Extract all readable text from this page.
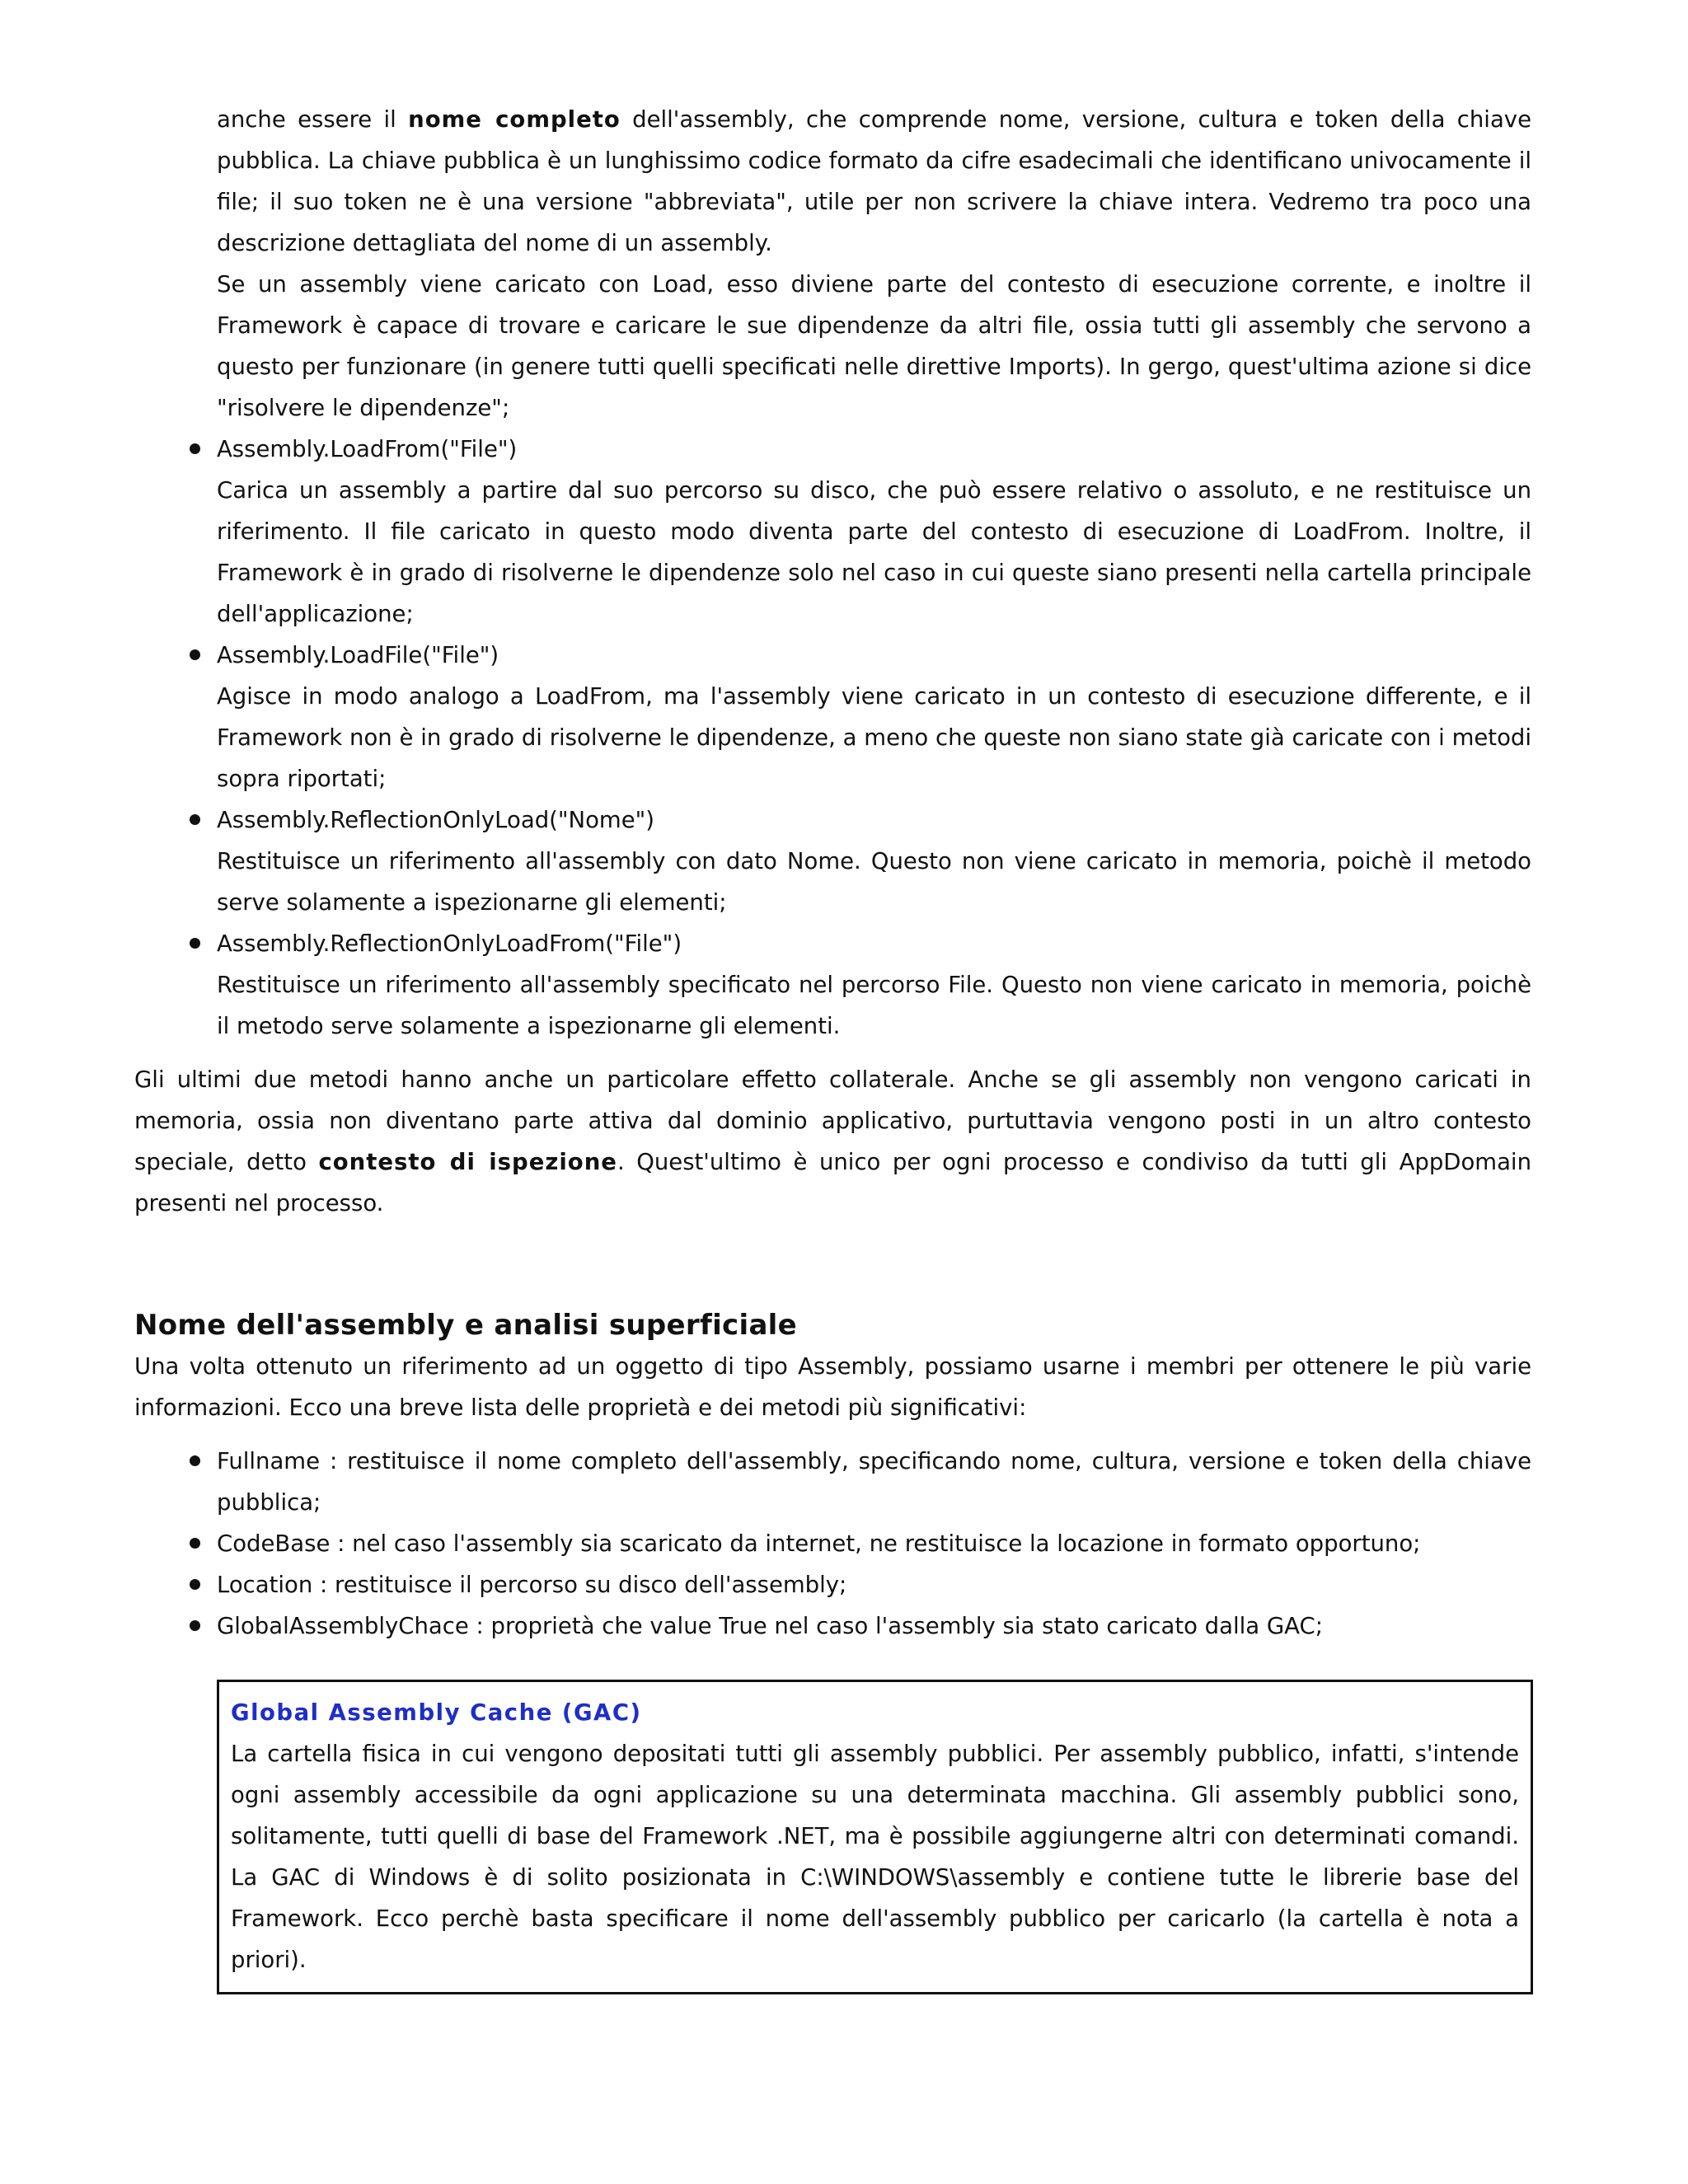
anche essere il nome completo dell'assembly, che comprende nome, versione, cultura e token della chiave pubblica. La chiave pubblica è un lunghissimo codice formato da cifre esadecimali che identificano univocamente il file; il suo token ne è una versione "abbreviata", utile per non scrivere la chiave intera. Vedremo tra poco una descrizione dettagliata del nome di un assembly.

Se un assembly viene caricato con Load, esso diviene parte del contesto di esecuzione corrente, e inoltre il Framework è capace di trovare e caricare le sue dipendenze da altri file, ossia tutti gli assembly che servono a questo per funzionare (in genere tutti quelli specificati nelle direttive Imports). In gergo, quest'ultima azione si dice "risolvere le dipendenze";

Assembly.LoadFrom("File")
Carica un assembly a partire dal suo percorso su disco, che può essere relativo o assoluto, e ne restituisce un riferimento. Il file caricato in questo modo diventa parte del contesto di esecuzione di LoadFrom. Inoltre, il Framework è in grado di risolverne le dipendenze solo nel caso in cui queste siano presenti nella cartella principale dell'applicazione;
Assembly.LoadFile("File")
Agisce in modo analogo a LoadFrom, ma l'assembly viene caricato in un contesto di esecuzione differente, e il Framework non è in grado di risolverne le dipendenze, a meno che queste non siano state già caricate con i metodi sopra riportati;
Assembly.ReflectionOnlyLoad("Nome")
Restituisce un riferimento all'assembly con dato Nome. Questo non viene caricato in memoria, poichè il metodo serve solamente a ispezionarne gli elementi;
Assembly.ReflectionOnlyLoadFrom("File")
Restituisce un riferimento all'assembly specificato nel percorso File. Questo non viene caricato in memoria, poichè il metodo serve solamente a ispezionarne gli elementi.

Gli ultimi due metodi hanno anche un particolare effetto collaterale. Anche se gli assembly non vengono caricati in memoria, ossia non diventano parte attiva dal dominio applicativo, purtuttavia vengono posti in un altro contesto speciale, detto contesto di ispezione. Quest'ultimo è unico per ogni processo e condiviso da tutti gli AppDomain presenti nel processo.

Nome dell'assembly e analisi superficiale

Una volta ottenuto un riferimento ad un oggetto di tipo Assembly, possiamo usarne i membri per ottenere le più varie informazioni. Ecco una breve lista delle proprietà e dei metodi più significativi:

Fullname : restituisce il nome completo dell'assembly, specificando nome, cultura, versione e token della chiave pubblica;
CodeBase : nel caso l'assembly sia scaricato da internet, ne restituisce la locazione in formato opportuno;
Location : restituisce il percorso su disco dell'assembly;
GlobalAssemblyChace : proprietà che value True nel caso l'assembly sia stato caricato dalla GAC;
Global Assembly Cache (GAC)

La cartella fisica in cui vengono depositati tutti gli assembly pubblici. Per assembly pubblico, infatti, s'intende ogni assembly accessibile da ogni applicazione su una determinata macchina. Gli assembly pubblici sono, solitamente, tutti quelli di base del Framework .NET, ma è possibile aggiungerne altri con determinati comandi. La GAC di Windows è di solito posizionata in C:\WINDOWS\assembly e contiene tutte le librerie base del Framework. Ecco perchè basta specificare il nome dell'assembly pubblico per caricarlo (la cartella è nota a priori).
